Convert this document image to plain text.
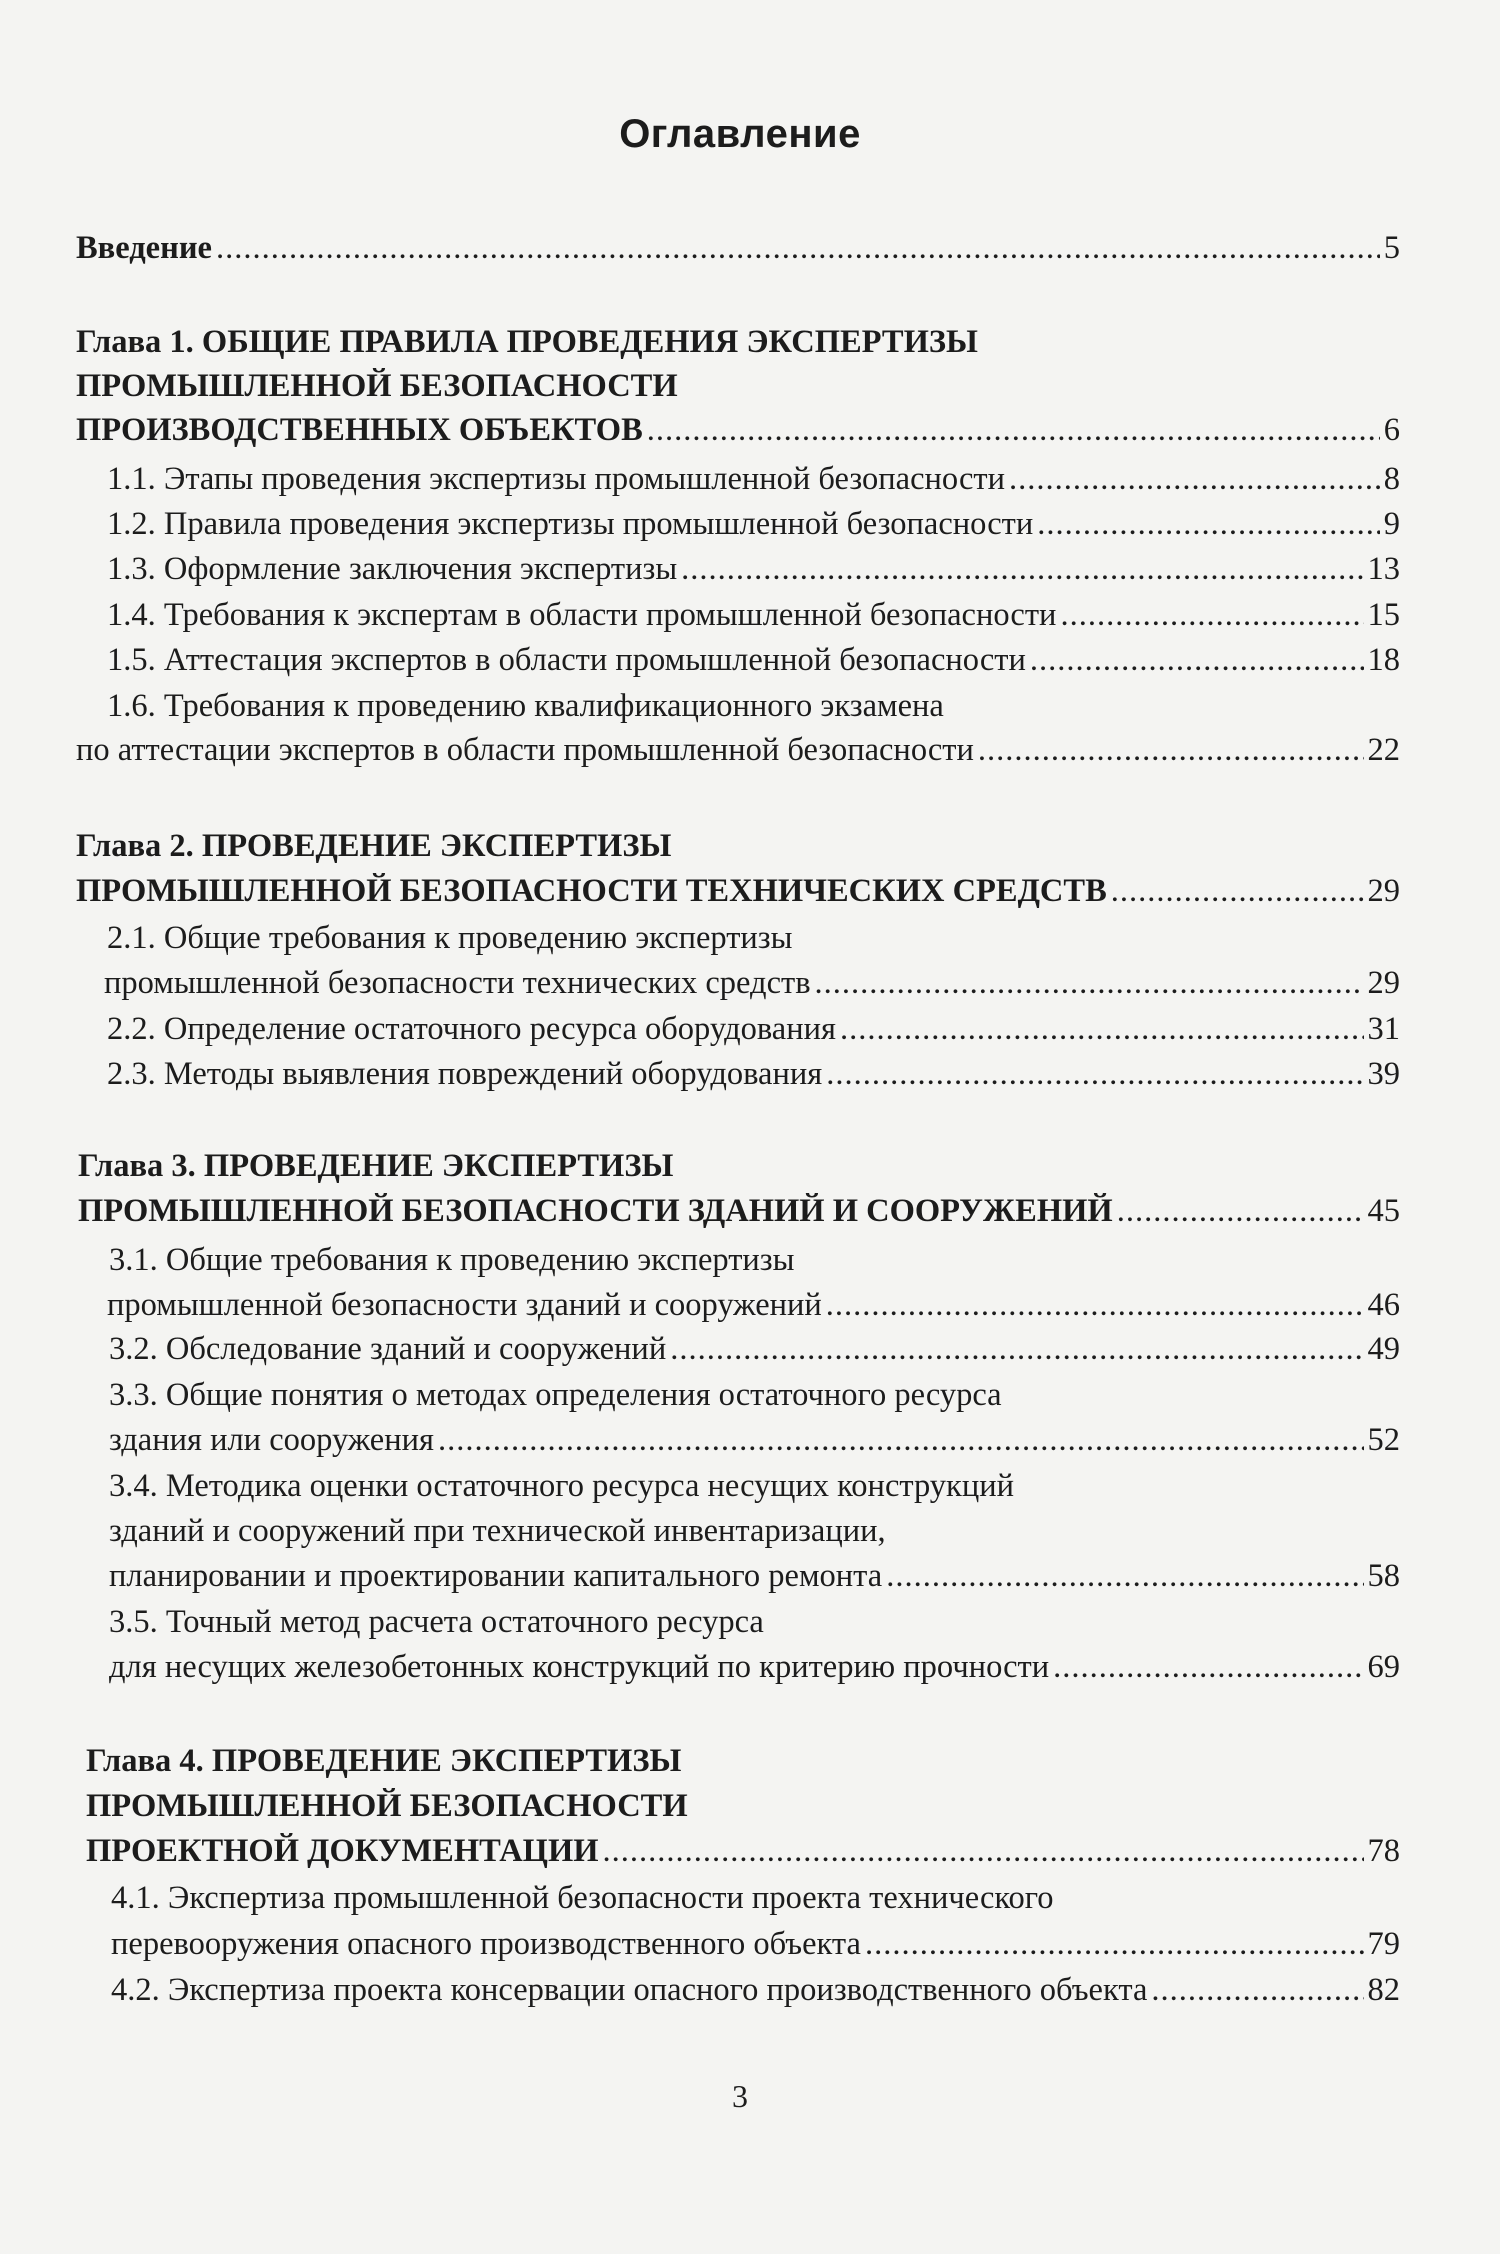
Оглавление
Введение .....	5
Глава 1. ОБЩИЕ ПРАВИЛА ПРОВЕДЕНИЯ ЭКСПЕРТИЗЫ
ПРОМЫШЛЕННОЙ БЕЗОПАСНОСТИ
ПРОИЗВОДСТВЕННЫХ ОБЪЕКТОВ .....	6
1.1. Этапы проведения экспертизы промышленной безопасности .....	8
1.2. Правила проведения экспертизы промышленной безопасности .....	9
1.3. Оформление заключения экспертизы .....	13
1.4. Требования к экспертам в области промышленной безопасности .....	15
1.5. Аттестация экспертов в области промышленной безопасности .....	18
1.6. Требования к проведению квалификационного экзамена
по аттестации экспертов в области промышленной безопасности .....	22
Глава 2. ПРОВЕДЕНИЕ ЭКСПЕРТИЗЫ
ПРОМЫШЛЕННОЙ БЕЗОПАСНОСТИ ТЕХНИЧЕСКИХ СРЕДСТВ .....	29
2.1. Общие требования к проведению экспертизы
промышленной безопасности технических средств .....	29
2.2. Определение остаточного ресурса оборудования .....	31
2.3. Методы выявления повреждений оборудования .....	39
Глава 3. ПРОВЕДЕНИЕ ЭКСПЕРТИЗЫ
ПРОМЫШЛЕННОЙ БЕЗОПАСНОСТИ ЗДАНИЙ И СООРУЖЕНИЙ .....	45
3.1. Общие требования к проведению экспертизы
промышленной безопасности зданий и сооружений .....	46
3.2. Обследование зданий и сооружений .....	49
3.3. Общие понятия о методах определения остаточного ресурса
здания или сооружения .....	52
3.4. Методика оценки остаточного ресурса несущих конструкций
зданий и сооружений при технической инвентаризации,
планировании и проектировании капитального ремонта .....	58
3.5. Точный метод расчета остаточного ресурса
для несущих железобетонных конструкций по критерию прочности .....	69
Глава 4. ПРОВЕДЕНИЕ ЭКСПЕРТИЗЫ
ПРОМЫШЛЕННОЙ БЕЗОПАСНОСТИ
ПРОЕКТНОЙ ДОКУМЕНТАЦИИ .....	78
4.1. Экспертиза промышленной безопасности проекта технического
перевооружения опасного производственного объекта .....	79
4.2. Экспертиза проекта консервации опасного производственного объекта .....	82
3
